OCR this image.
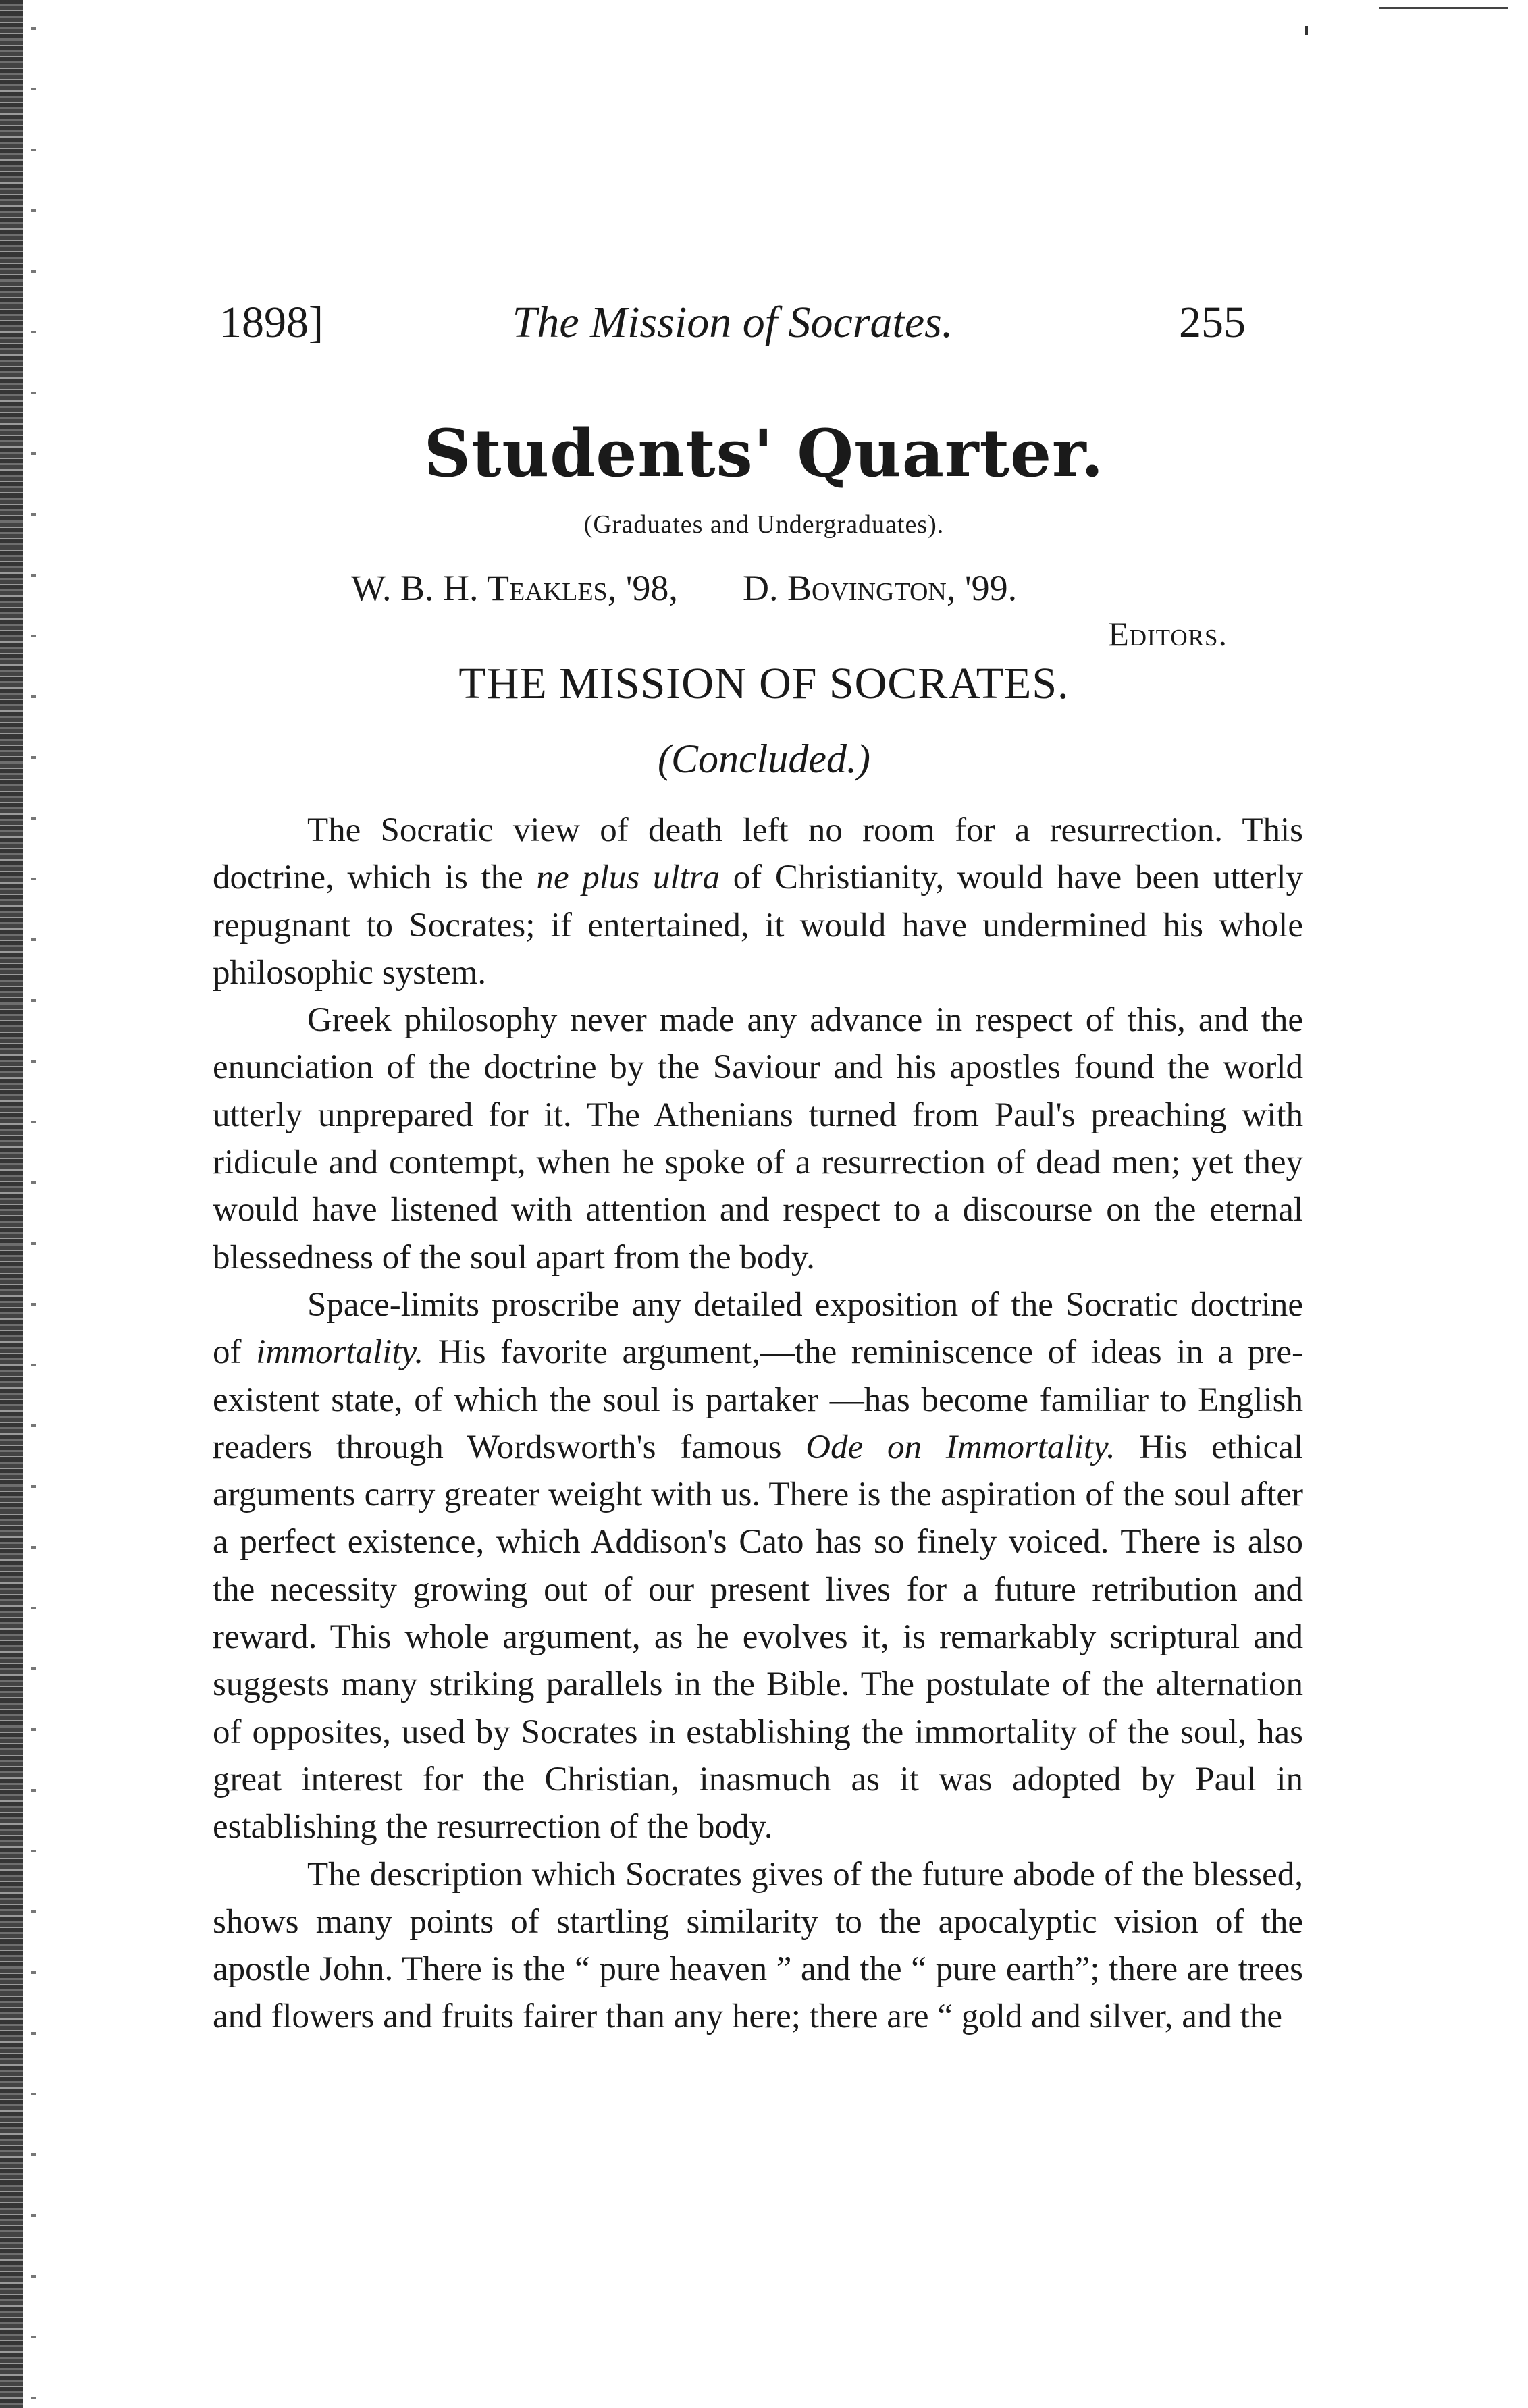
1898]	The Mission of Socrates.	255
Students' Quarter.
(Graduates and Undergraduates).
W. B. H. Teakles, '98, D. Bovington, '99.
Editors.
THE MISSION OF SOCRATES.
(Concluded.)

The Socratic view of death left no room for a resurrection. This doctrine, which is the ne plus ultra of Christianity, would have been utterly repugnant to Socrates; if entertained, it would have undermined his whole philosophic system.

Greek philosophy never made any advance in respect of this, and the enunciation of the doctrine by the Saviour and his apostles found the world utterly unprepared for it. The Athenians turned from Paul's preaching with ridicule and contempt, when he spoke of a resurrection of dead men; yet they would have listened with attention and respect to a discourse on the eternal blessedness of the soul apart from the body.

Space-limits proscribe any detailed exposition of the Socratic doctrine of immortality. His favorite argument,—the reminiscence of ideas in a pre-existent state, of which the soul is partaker —has become familiar to English readers through Wordsworth's famous Ode on Immortality. His ethical arguments carry greater weight with us. There is the aspiration of the soul after a perfect existence, which Addison's Cato has so finely voiced. There is also the necessity growing out of our present lives for a future retribution and reward. This whole argument, as he evolves it, is remarkably scriptural and suggests many striking parallels in the Bible. The postulate of the alternation of opposites, used by Socrates in establishing the immortality of the soul, has great interest for the Christian, inasmuch as it was adopted by Paul in establishing the resurrection of the body.

The description which Socrates gives of the future abode of the blessed, shows many points of startling similarity to the apocalyptic vision of the apostle John. There is the “ pure heaven ” and the “ pure earth”; there are trees and flowers and fruits fairer than any here; there are “ gold and silver, and the
